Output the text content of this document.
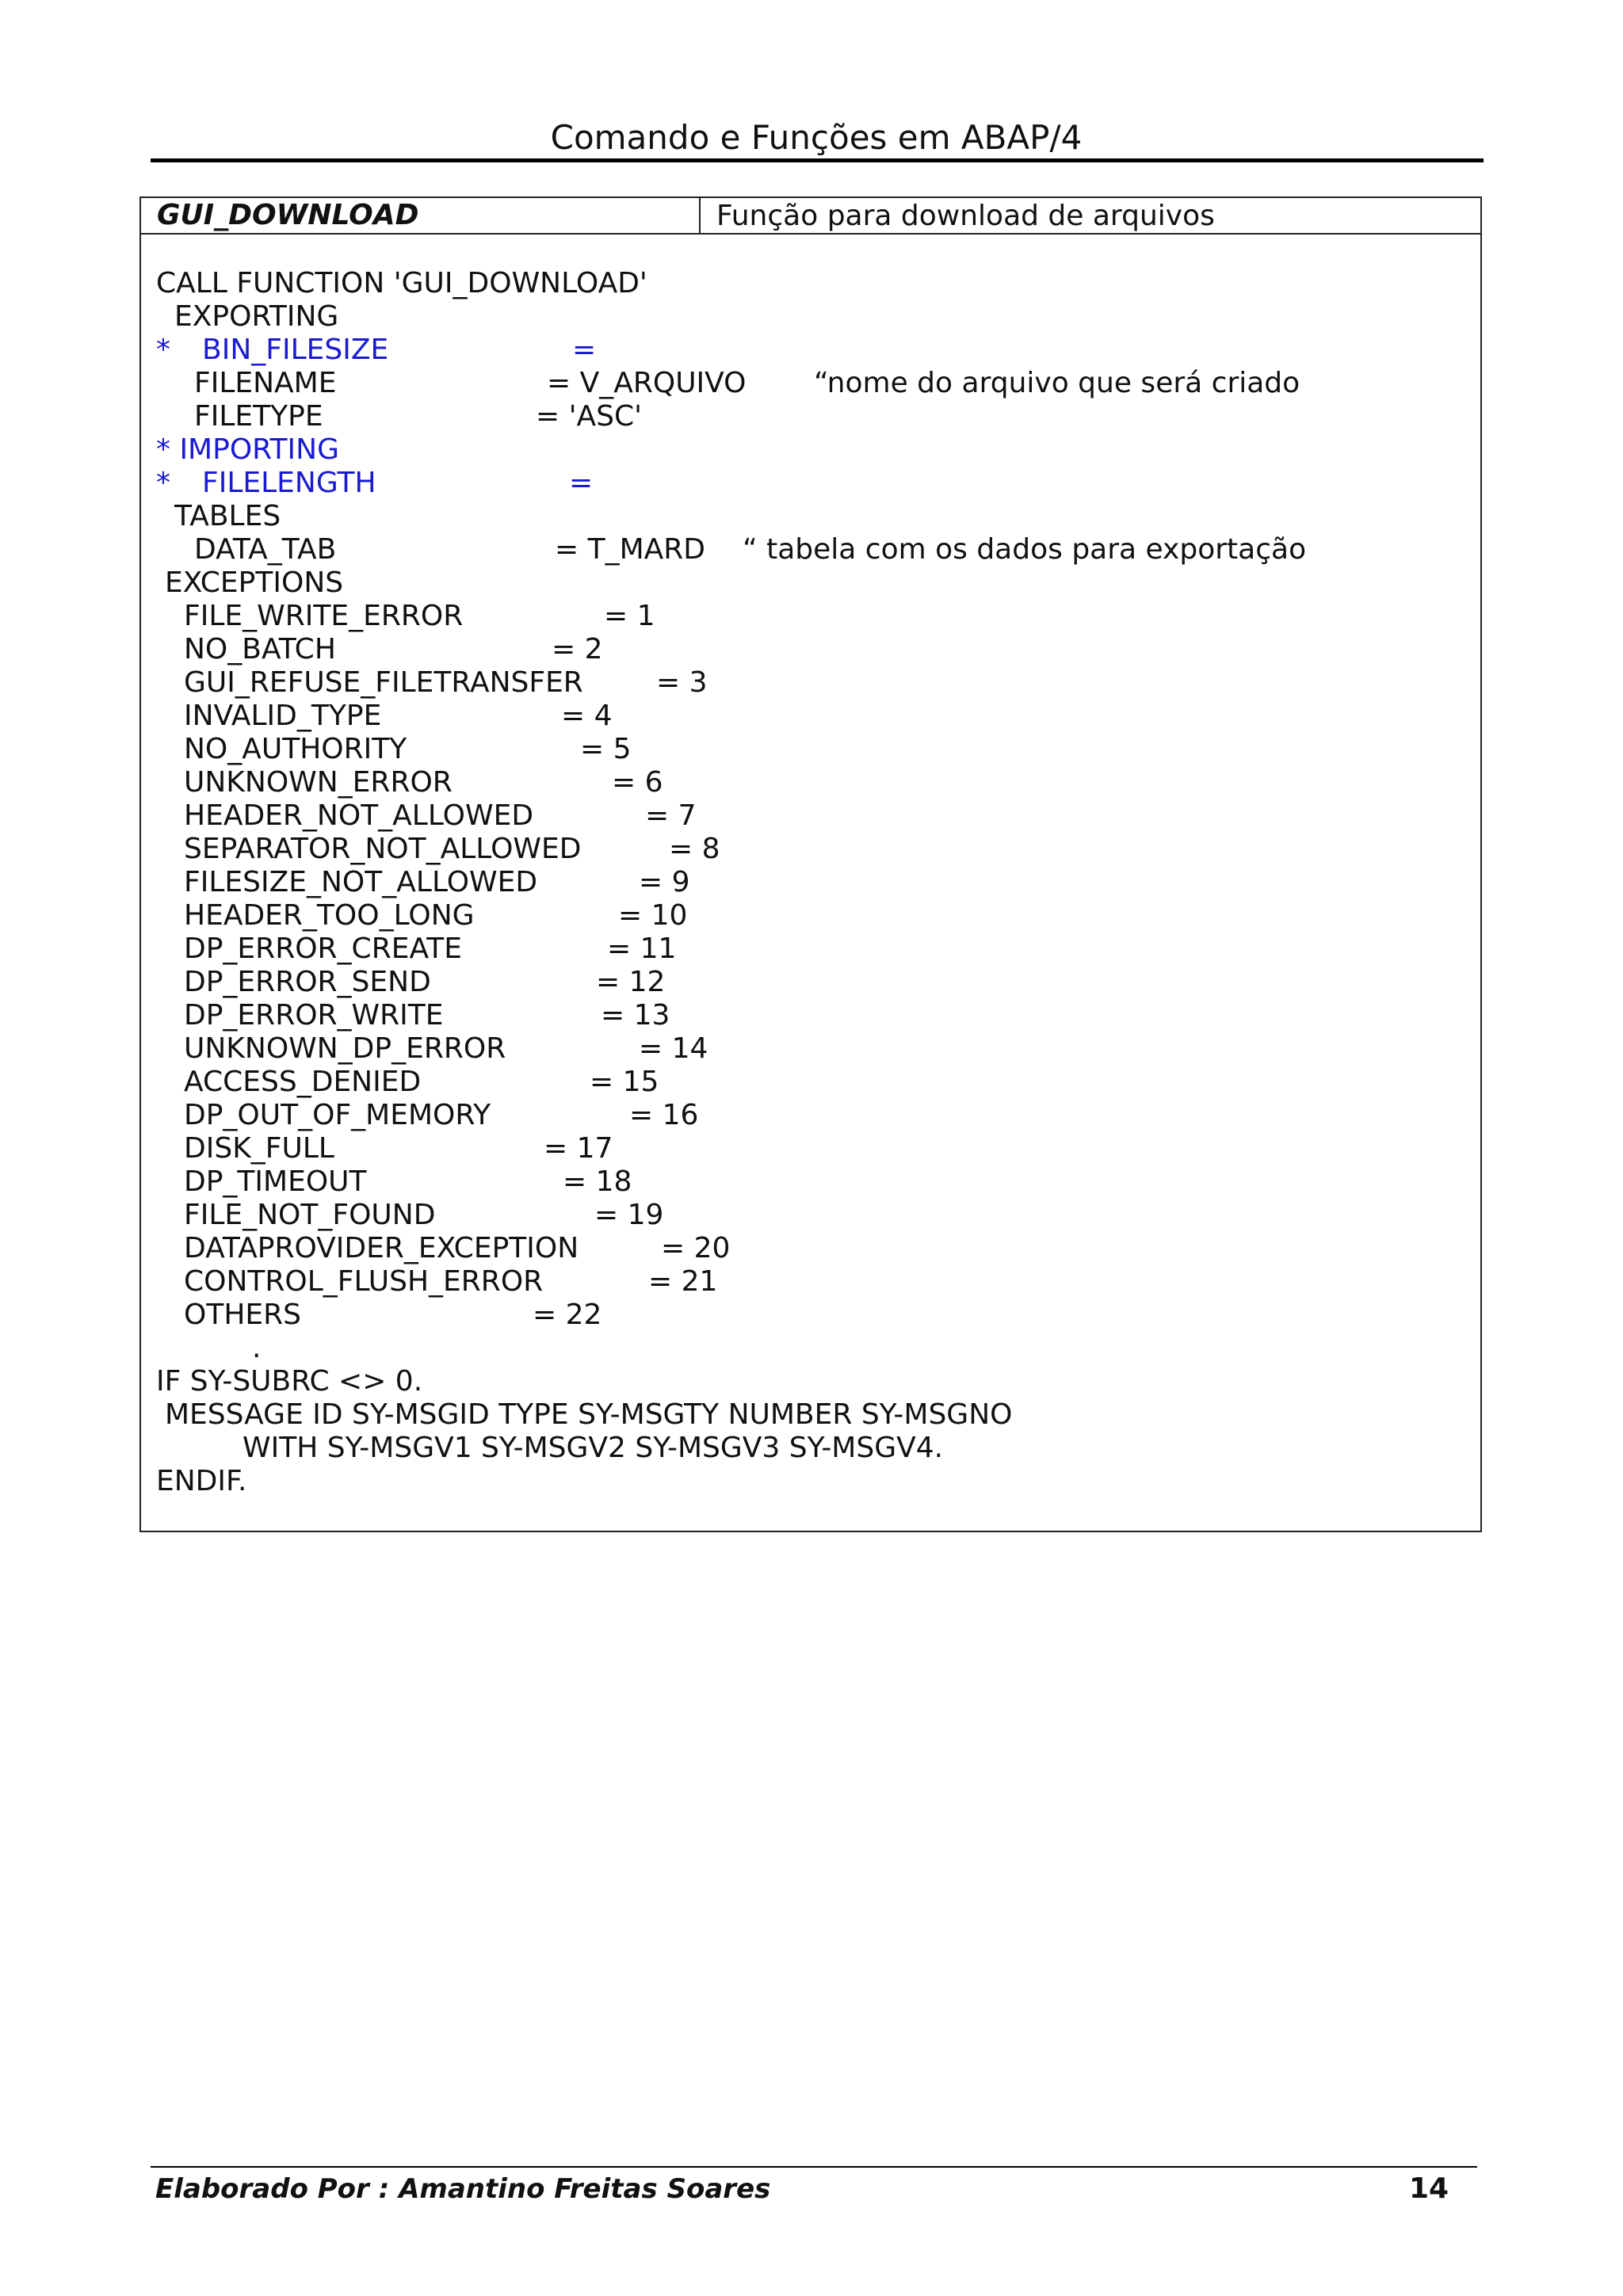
Comando e Funções em ABAP/4
GUI_DOWNLOAD	Função para download de arquivos
CALL FUNCTION 'GUI_DOWNLOAD'
EXPORTING
* BIN_FILESIZE	=
FILENAME	= V_ARQUIVO “nome do arquivo que será criado
FILETYPE	= 'ASC'
* IMPORTING
* FILELENGTH	=
TABLES
DATA_TAB	= T_MARD “ tabela com os dados para exportação
EXCEPTIONS
FILE_WRITE_ERROR	= 1
NO_BATCH	= 2
GUI_REFUSE_FILETRANSFER	= 3
INVALID_TYPE	= 4
NO_AUTHORITY	= 5
UNKNOWN_ERROR	= 6
HEADER_NOT_ALLOWED	= 7
SEPARATOR_NOT_ALLOWED	= 8
FILESIZE_NOT_ALLOWED	= 9
HEADER_TOO_LONG	= 10
DP_ERROR_CREATE	= 11
DP_ERROR_SEND	= 12
DP_ERROR_WRITE	= 13
UNKNOWN_DP_ERROR	= 14
ACCESS_DENIED	= 15
DP_OUT_OF_MEMORY	= 16
DISK_FULL	= 17
DP_TIMEOUT	= 18
FILE_NOT_FOUND	= 19
DATAPROVIDER_EXCEPTION	= 20
CONTROL_FLUSH_ERROR	= 21
OTHERS	= 22
.
IF SY-SUBRC <> 0.
MESSAGE ID SY-MSGID TYPE SY-MSGTY NUMBER SY-MSGNO
WITH SY-MSGV1 SY-MSGV2 SY-MSGV3 SY-MSGV4.
ENDIF.
Elaborado Por : Amantino Freitas Soares	14
